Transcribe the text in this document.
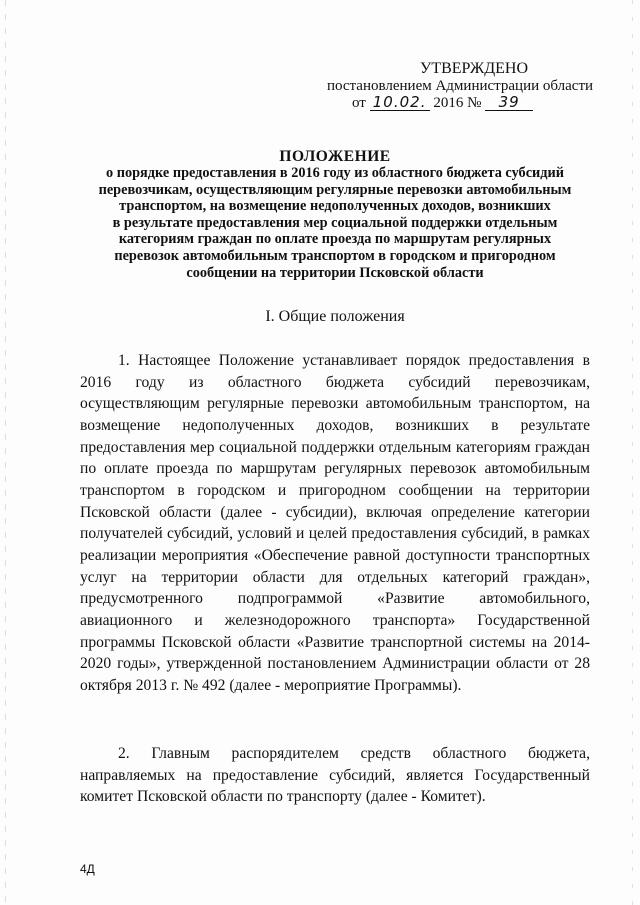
УТВЕРЖДЕНО
постановлением Администрации области
от 10.02. 2016 № 39
ПОЛОЖЕНИЕ
о порядке предоставления в 2016 году из областного бюджета субсидий
перевозчикам, осуществляющим регулярные перевозки автомобильным
транспортом, на возмещение недополученных доходов, возникших
в результате предоставления мер социальной поддержки отдельным
категориям граждан по оплате проезда по маршрутам регулярных
перевозок автомобильным транспортом в городском и пригородном
сообщении на территории Псковской области
I. Общие положения
1. Настоящее Положение устанавливает порядок предоставления в 2016 году из областного бюджета субсидий перевозчикам, осуществляющим регулярные перевозки автомобильным транспортом, на возмещение недополученных доходов, возникших в результате предоставления мер социальной поддержки отдельным категориям граждан по оплате проезда по маршрутам регулярных перевозок автомобильным транспортом в городском и пригородном сообщении на территории Псковской области (далее - субсидии), включая определение категории получателей субсидий, условий и целей предоставления субсидий, в рамках реализации мероприятия «Обеспечение равной доступности транспортных услуг на территории области для отдельных категорий граждан», предусмотренного подпрограммой «Развитие автомобильного, авиационного и железнодорожного транспорта» Государственной программы Псковской области «Развитие транспортной системы на 2014-2020 годы», утвержденной постановлением Администрации области от 28 октября 2013 г. № 492 (далее - мероприятие Программы).
2. Главным распорядителем средств областного бюджета, направляемых на предоставление субсидий, является Государственный комитет Псковской области по транспорту (далее - Комитет).
4Д
